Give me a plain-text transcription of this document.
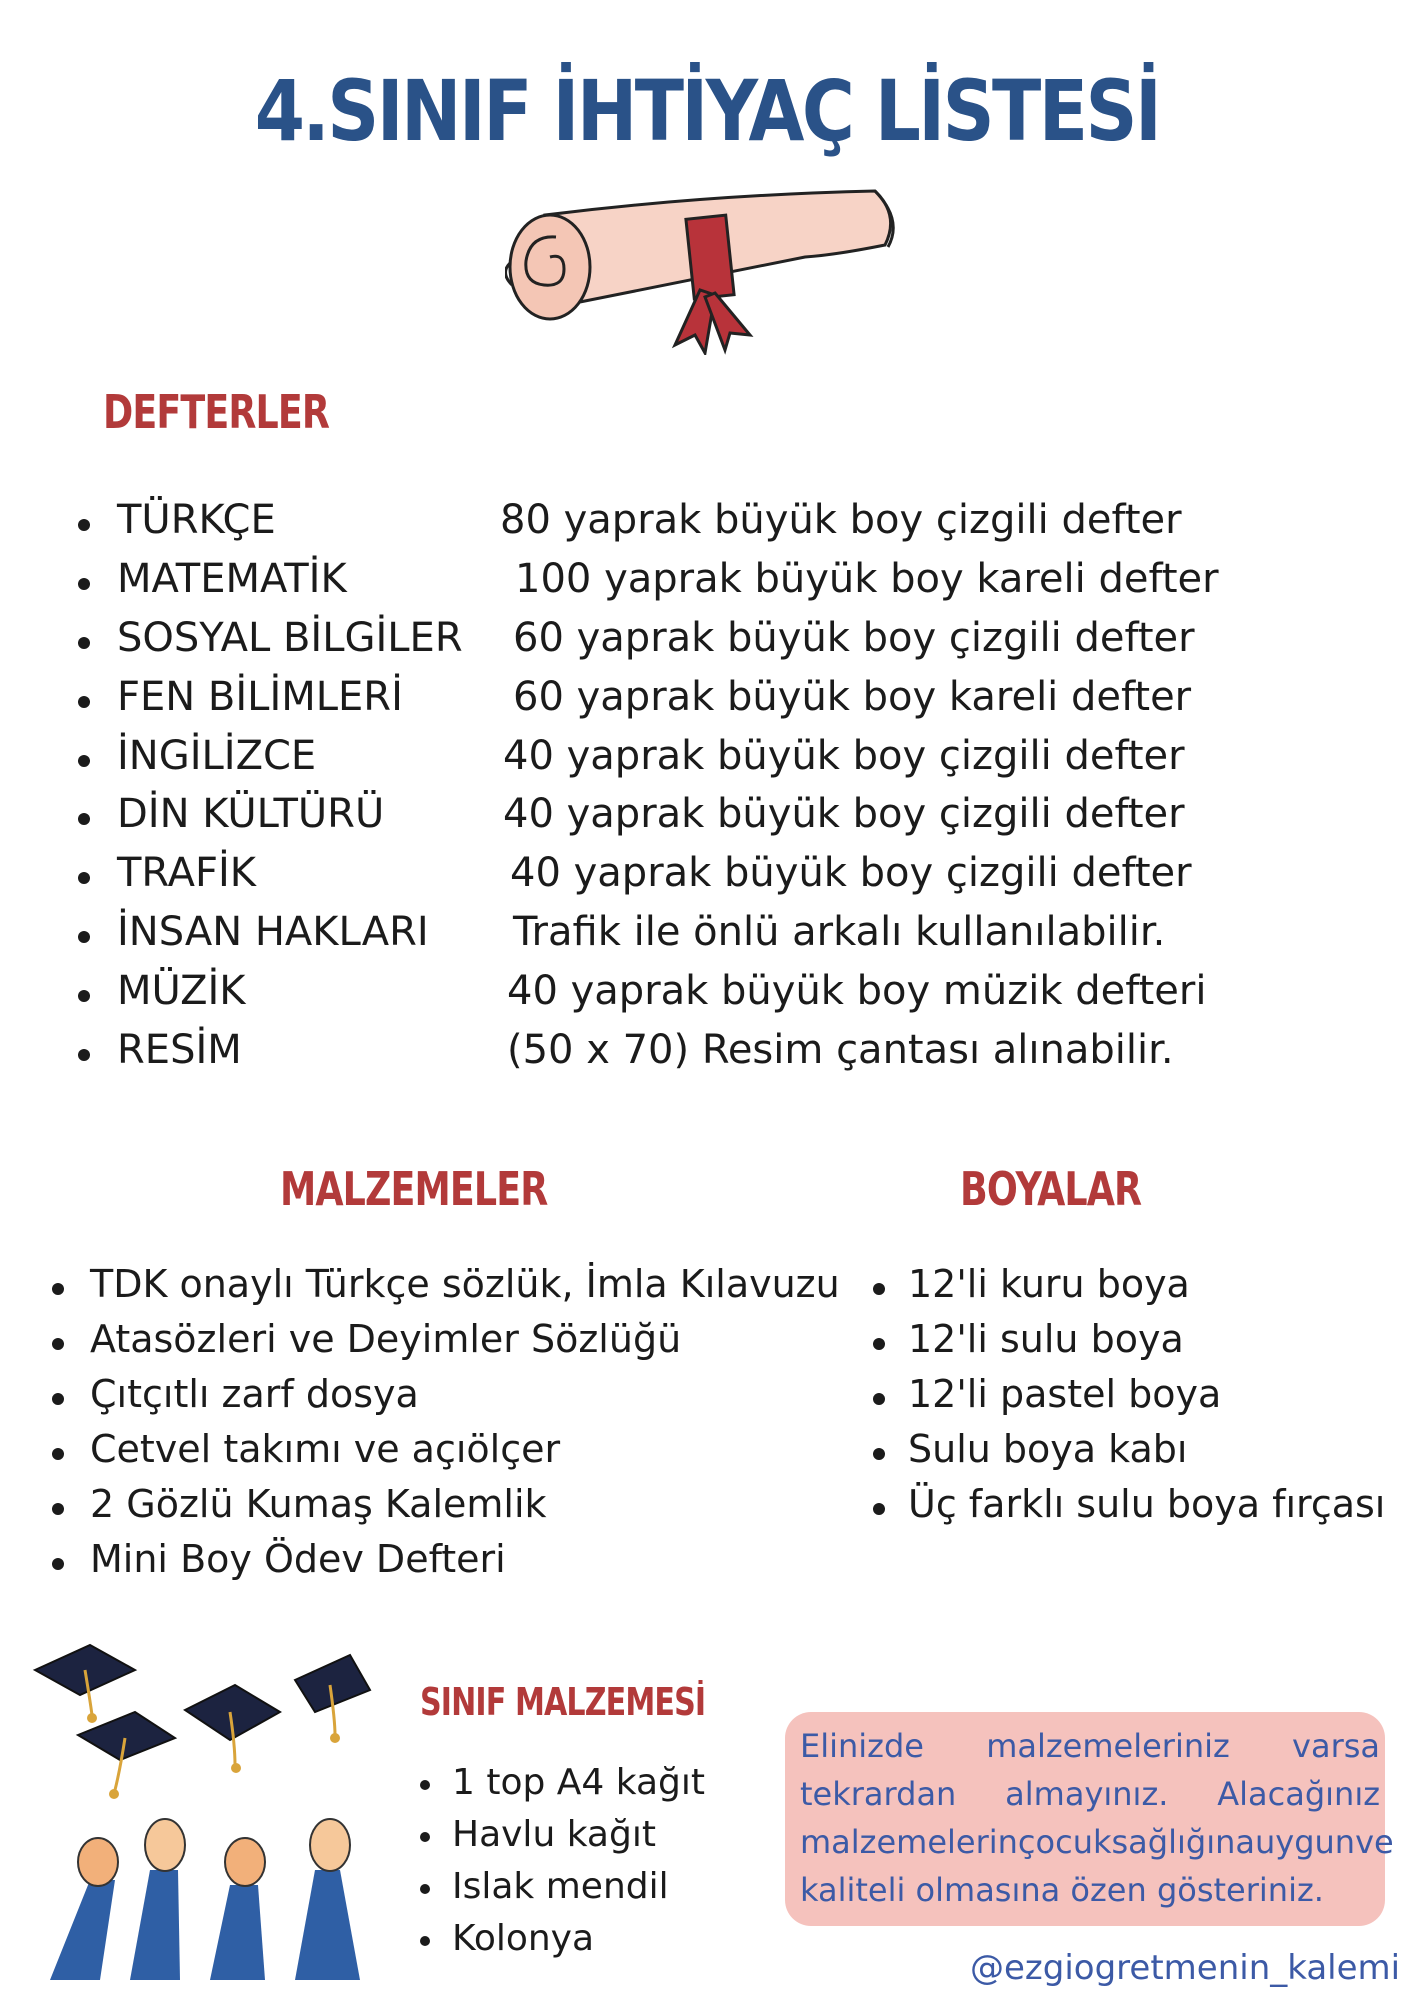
4.SINIF İHTİYAÇ LİSTESİ
DEFTERLER
TÜRKÇE	80 yaprak büyük boy çizgili defter
MATEMATİK	100 yaprak büyük boy kareli defter
SOSYAL BİLGİLER 60 yaprak büyük boy çizgili defter
FEN BİLİMLERİ	60 yaprak büyük boy kareli defter
İNGİLİZCE	40 yaprak büyük boy çizgili defter
DİN KÜLTÜRÜ	40 yaprak büyük boy çizgili defter
TRAFİK	40 yaprak büyük boy çizgili defter
İNSAN HAKLARI Trafik ile önlü arkalı kullanılabilir.
MÜZİK	40 yaprak büyük boy müzik defteri
RESİM	(50 x 70) Resim çantası alınabilir.
MALZEMELER
TDK onaylı Türkçe sözlük, İmla Kılavuzu
Atasözleri ve Deyimler Sözlüğü
Çıtçıtlı zarf dosya
Cetvel takımı ve açıölçer
2 Gözlü Kumaş Kalemlik
Mini Boy Ödev Defteri
BOYALAR
12'li kuru boya
12'li sulu boya
12'li pastel boya
Sulu boya kabı
Üç farklı sulu boya fırçası
SINIF MALZEMESİ
1 top A4 kağıt
Havlu kağıt
Islak mendil
Kolonya
Elinizde malzemeleriniz varsa
tekrardan almayınız. Alacağınız
malzemelerin çocuk sağlığına uygun ve
kaliteli olmasına özen gösteriniz.
@ezgiogretmenin_kalemi
